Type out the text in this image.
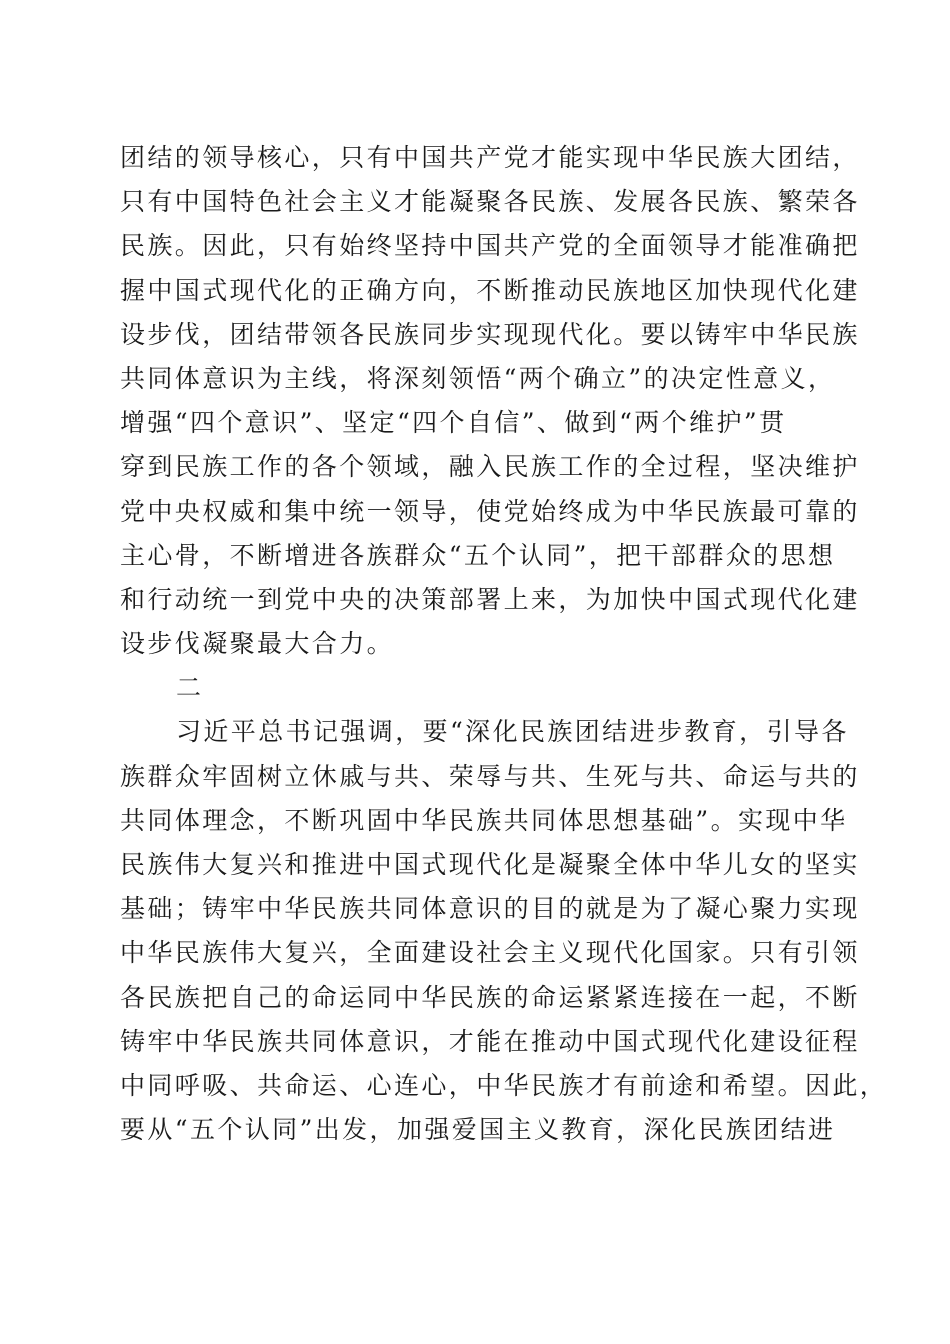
团结的领导核心，只有中国共产党才能实现中华民族大团结，
只有中国特色社会主义才能凝聚各民族、发展各民族、繁荣各
民族。因此，只有始终坚持中国共产党的全面领导才能准确把
握中国式现代化的正确方向，不断推动民族地区加快现代化建
设步伐，团结带领各民族同步实现现代化。要以铸牢中华民族
共同体意识为主线，将深刻领悟“两个确立”的决定性意义，
增强“四个意识”、坚定“四个自信”、做到“两个维护”贯
穿到民族工作的各个领域，融入民族工作的全过程，坚决维护
党中央权威和集中统一领导，使党始终成为中华民族最可靠的
主心骨，不断增进各族群众“五个认同”，把干部群众的思想
和行动统一到党中央的决策部署上来，为加快中国式现代化建
设步伐凝聚最大合力。
二
习近平总书记强调，要“深化民族团结进步教育，引导各
族群众牢固树立休戚与共、荣辱与共、生死与共、命运与共的
共同体理念，不断巩固中华民族共同体思想基础”。实现中华
民族伟大复兴和推进中国式现代化是凝聚全体中华儿女的坚实
基础；铸牢中华民族共同体意识的目的就是为了凝心聚力实现
中华民族伟大复兴，全面建设社会主义现代化国家。只有引领
各民族把自己的命运同中华民族的命运紧紧连接在一起，不断
铸牢中华民族共同体意识，才能在推动中国式现代化建设征程
中同呼吸、共命运、心连心，中华民族才有前途和希望。因此，
要从“五个认同”出发，加强爱国主义教育，深化民族团结进
